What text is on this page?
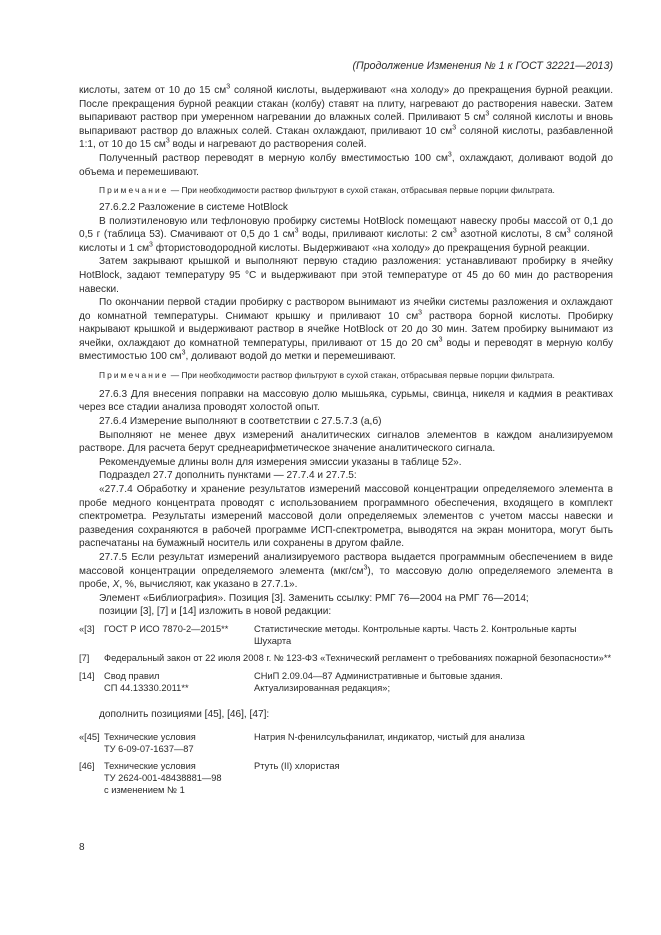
(Продолжение Изменения № 1 к ГОСТ 32221—2013)

кислоты, затем от 10 до 15 $см^3$ соляной кислоты, выдерживают «на холоду» до прекращения бурной реакции. После прекращения бурной реакции стакан (колбу) ставят на плиту, нагревают до растворения навески. Затем выпаривают раствор при умеренном нагревании до влажных солей. Приливают 5 $см^3$ соляной кислоты и вновь выпаривают раствор до влажных солей. Стакан охлаждают, приливают 10 $см^3$ соляной кислоты, разбавленной 1:1, от 10 до 15 $см^3$ воды и нагревают до растворения солей.

Полученный раствор переводят в мерную колбу вместимостью 100 $см^3$, охлаждают, доливают водой до объема и перемешивают.

Примечание — При необходимости раствор фильтруют в сухой стакан, отбрасывая первые порции фильтрата.

27.6.2.2 Разложение в системе HotBlock

В полиэтиленовую или тефлоновую пробирку системы HotBlock помещают навеску пробы массой от 0,1 до 0,5 г (таблица 53). Смачивают от 0,5 до 1 $см^3$ воды, приливают кислоты: 2 $см^3$ азотной кислоты, 8 $см^3$ соляной кислоты и 1 $см^3$ фтористоводородной кислоты. Выдерживают «на холоду» до прекращения бурной реакции.

Затем закрывают крышкой и выполняют первую стадию разложения: устанавливают пробирку в ячейку HotBlock, задают температуру 95 °С и выдерживают при этой температуре от 45 до 60 мин до растворения навески.

По окончании первой стадии пробирку с раствором вынимают из ячейки системы разложения и охлаждают до комнатной температуры. Снимают крышку и приливают 10 $см^3$ раствора борной кислоты. Пробирку накрывают крышкой и выдерживают раствор в ячейке HotBlock от 20 до 30 мин. Затем пробирку вынимают из ячейки, охлаждают до комнатной температуры, приливают от 15 до 20 $см^3$ воды и переводят в мерную колбу вместимостью 100 $см^3$, доливают водой до метки и перемешивают.

Примечание — При необходимости раствор фильтруют в сухой стакан, отбрасывая первые порции фильтрата.

27.6.3 Для внесения поправки на массовую долю мышьяка, сурьмы, свинца, никеля и кадмия в реактивах через все стадии анализа проводят холостой опыт.

27.6.4 Измерение выполняют в соответствии с 27.5.7.3 (а,б)

Выполняют не менее двух измерений аналитических сигналов элементов в каждом анализируемом растворе. Для расчета берут среднеарифметическое значение аналитического сигнала.

Рекомендуемые длины волн для измерения эмиссии указаны в таблице 52».

Подраздел 27.7 дополнить пунктами — 27.7.4 и 27.7.5:

«27.7.4 Обработку и хранение результатов измерений массовой концентрации определяемого элемента в пробе медного концентрата проводят с использованием программного обеспечения, входящего в комплект спектрометра. Результаты измерений массовой доли определяемых элементов с учетом массы навески и разведения сохраняются в рабочей программе ИСП-спектрометра, выводятся на экран монитора, могут быть распечатаны на бумажный носитель или сохранены в другом файле.

27.7.5 Если результат измерений анализируемого раствора выдается программным обеспечением в виде массовой концентрации определяемого элемента $(мкг/см^3)$, то массовую долю определяемого элемента в пробе, X, %, вычисляют, как указано в 27.7.1».

Элемент «Библиография». Позиция [3]. Заменить ссылку: РМГ 76—2004 на РМГ 76—2014;

позиции [3], [7] и [14] изложить в новой редакции:

«[3]	ГОСТ Р ИСО 7870-2—2015**	Статистические методы. Контрольные карты. Часть 2. Контрольные карты Шухарта
[7]	Федеральный закон от 22 июля 2008 г. № 123-ФЗ «Технический регламент о требованиях пожарной безопасности»**	
[14]	Свод правил
СП 44.13330.2011**	СНиП 2.09.04—87 Административные и бытовые здания.
Актуализированная редакция»;

дополнить позициями [45], [46], [47]:

«[45]	Технические условия
ТУ 6-09-07-1637—87	Натрия N-фенилсульфанилат, индикатор, чистый для анализа
[46]	Технические условия
ТУ 2624-001-48438881—98
с изменением № 1	Ртуть (II) хлористая
8
